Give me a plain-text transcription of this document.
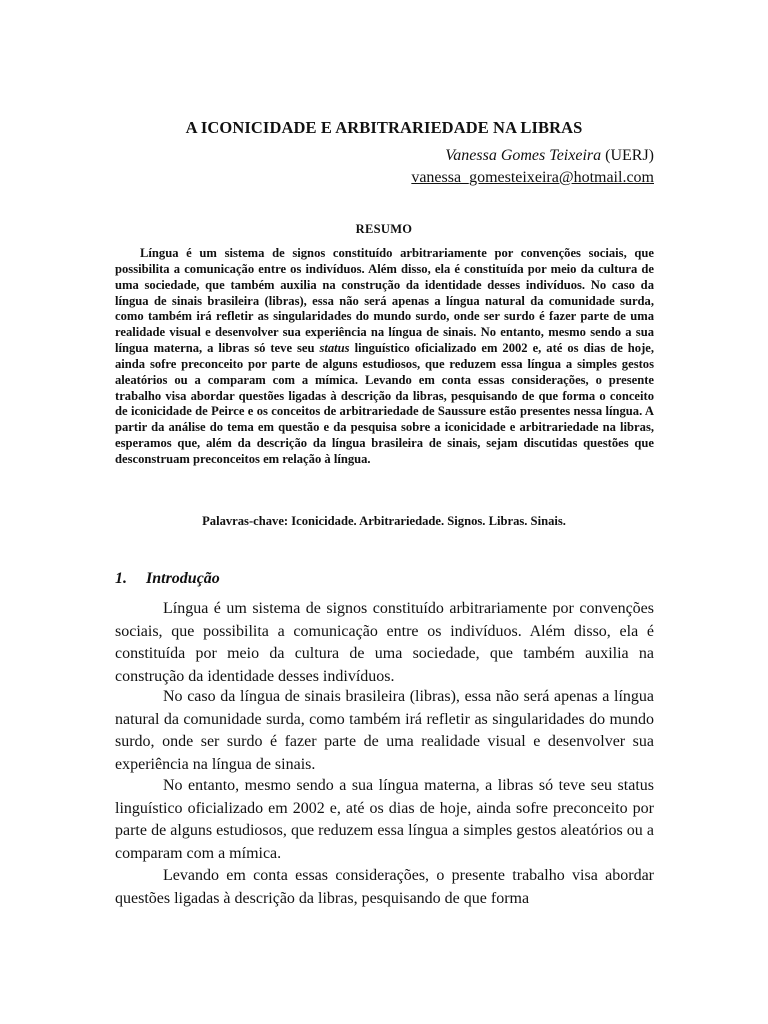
A ICONICIDADE E ARBITRARIEDADE NA LIBRAS
Vanessa Gomes Teixeira (UERJ)
vanessa_gomesteixeira@hotmail.com
RESUMO

Língua é um sistema de signos constituído arbitrariamente por convenções sociais, que possibilita a comunicação entre os indivíduos. Além disso, ela é constituída por meio da cultura de uma sociedade, que também auxilia na construção da identidade desses indivíduos. No caso da língua de sinais brasileira (libras), essa não será apenas a língua natural da comunidade surda, como também irá refletir as singularidades do mundo surdo, onde ser surdo é fazer parte de uma realidade visual e desenvolver sua experiência na língua de sinais. No entanto, mesmo sendo a sua língua materna, a libras só teve seu status linguístico oficializado em 2002 e, até os dias de hoje, ainda sofre preconceito por parte de alguns estudiosos, que reduzem essa língua a simples gestos aleatórios ou a comparam com a mímica. Levando em conta essas considerações, o presente trabalho visa abordar questões ligadas à descrição da libras, pesquisando de que forma o conceito de iconicidade de Peirce e os conceitos de arbitrariedade de Saussure estão presentes nessa língua. A partir da análise do tema em questão e da pesquisa sobre a iconicidade e arbitrariedade na libras, esperamos que, além da descrição da língua brasileira de sinais, sejam discutidas questões que desconstruam preconceitos em relação à língua.

Palavras-chave: Iconicidade. Arbitrariedade. Signos. Libras. Sinais.
1. Introdução

Língua é um sistema de signos constituído arbitrariamente por convenções sociais, que possibilita a comunicação entre os indivíduos. Além disso, ela é constituída por meio da cultura de uma sociedade, que também auxilia na construção da identidade desses indivíduos.

No caso da língua de sinais brasileira (libras), essa não será apenas a língua natural da comunidade surda, como também irá refletir as singularidades do mundo surdo, onde ser surdo é fazer parte de uma realidade visual e desenvolver sua experiência na língua de sinais.

No entanto, mesmo sendo a sua língua materna, a libras só teve seu status linguístico oficializado em 2002 e, até os dias de hoje, ainda sofre preconceito por parte de alguns estudiosos, que reduzem essa língua a simples gestos aleatórios ou a comparam com a mímica.

Levando em conta essas considerações, o presente trabalho visa abordar questões ligadas à descrição da libras, pesquisando de que forma
